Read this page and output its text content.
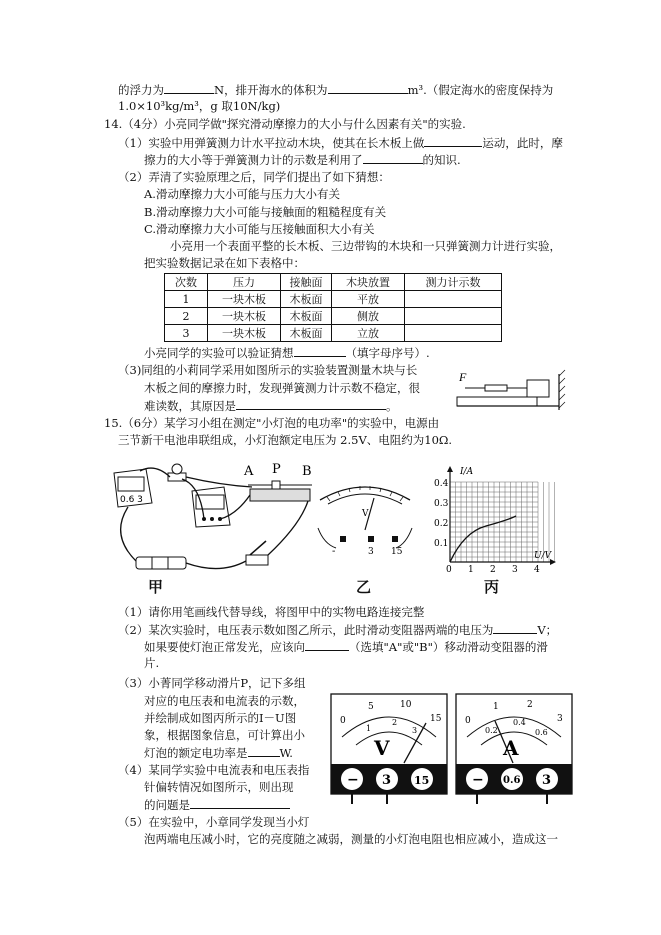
的浮力为	N，排开海水的体积为	m³.（假定海水的密度保持为
1.0×10³kg/m³，g 取10N/kg)
14.（4分）小亮同学做"探究滑动摩擦力的大小与什么因素有关"的实验.
（1）实验中用弹簧测力计水平拉动木块，使其在长木板上做	运动，此时，摩
擦力的大小等于弹簧测力计的示数是利用了	的知识.
（2）弄清了实验原理之后，同学们提出了如下猜想：
A.滑动摩擦力大小可能与压力大小有关
B.滑动摩擦力大小可能与接触面的粗糙程度有关
C.滑动摩擦力大小可能与压接触面积大小有关
小亮用一个表面平整的长木板、三边带钩的木块和一只弹簧测力计进行实验，
把实验数据记录在如下表格中：
次数	压力	接触面	木块放置	测力计示数
1	一块木板	木板面	平放	
2	一块木板	木板面	侧放	
3	一块木板	木板面	立放	
小亮同学的实验可以验证猜想	（填字母序号）.
（3)同组的小莉同学采用如图所示的实验装置测量木块与长
木板之间的摩擦力时，发现弹簧测力计示数不稳定，很
难读数，其原因是	。
F
15.（6分）某学习小组在测定"小灯泡的电功率"的实验中，电源由
三节新干电池串联组成，小灯泡额定电压为 2.5V、电阻约为10Ω.
0.6 3
A P B
甲
V
-	3 15
乙
I/A
U/V
0.4
0.3
0.2
0.1
0 1 2 3 4
丙
（1）请你用笔画线代替导线，将图甲中的实物电路连接完整
（2）某次实验时，电压表示数如图乙所示，此时滑动变阻器两端的电压为	V；
如果要使灯泡正常发光，应该向	（选填"A"或"B"）移动滑动变阻器的滑
片.
（3）小菁同学移动滑片P，记下多组
对应的电压表和电流表的示数，
并绘制成如图丙所示的I－U图
象，根据图象信息，可计算出小
灯泡的额定电功率是	W.
（4）某同学实验中电流表和电压表指
针偏转情况如图所示，则出现
的问题是
（5）在实验中，小章同学发现当小灯
泡两端电压减小时，它的亮度随之减弱，测量的小灯泡电阻也相应减小，造成这一
0
5	10
15
1
2
3
V
− 3 15
0
1	2
3
0.2
0.4
0.6
A
− 0.6 3
